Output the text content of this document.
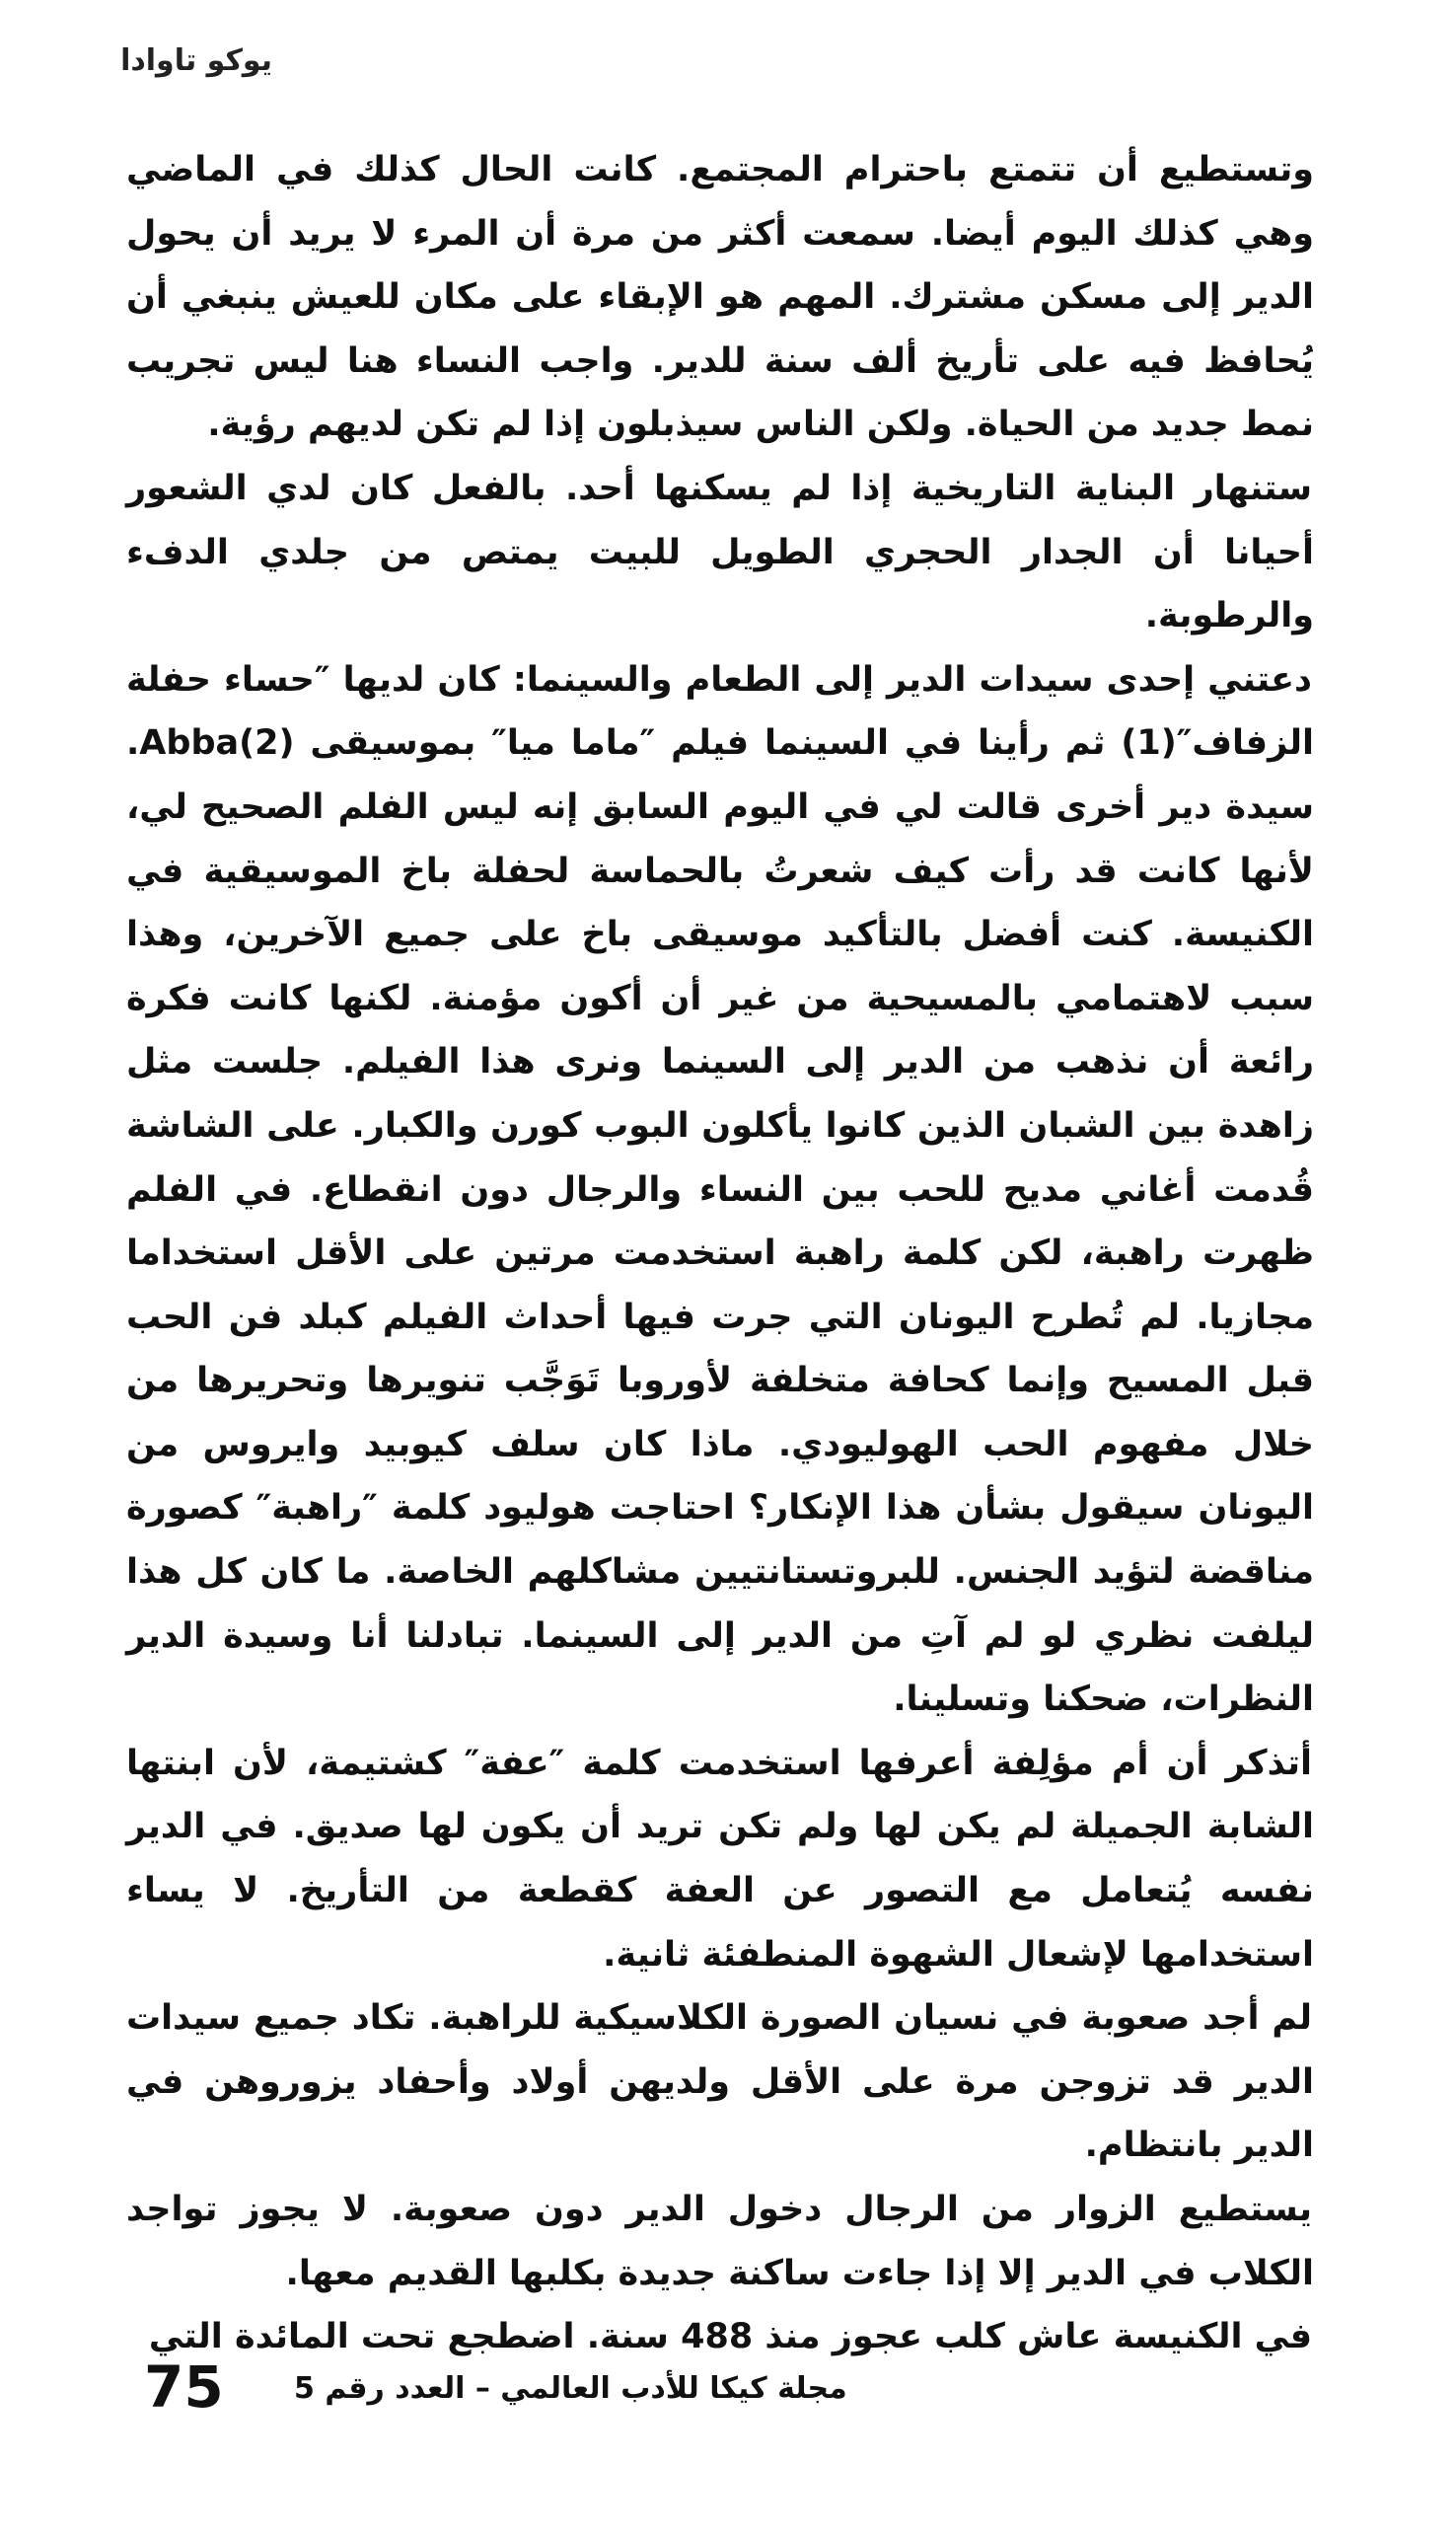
يوكو تاوادا

وتستطيع أن تتمتع باحترام المجتمع. كانت الحال كذلك في الماضي وهي كذلك اليوم أيضا. سمعت أكثر من مرة أن المرء لا يريد أن يحول الدير إلى مسكن مشترك. المهم هو الإبقاء على مكان للعيش ينبغي أن يُحافظ فيه على تأريخ ألف سنة للدير. واجب النساء هنا ليس تجريب نمط جديد من الحياة. ولكن الناس سيذبلون إذا لم تكن لديهم رؤية.

ستنهار البناية التاريخية إذا لم يسكنها أحد. بالفعل كان لدي الشعور أحيانا أن الجدار الحجري الطويل للبيت يمتص من جلدي الدفء والرطوبة.

دعتني إحدى سيدات الدير إلى الطعام والسينما: كان لديها ″حساء حفلة الزفاف″(1) ثم رأينا في السينما فيلم ″ماما ميا″ بموسيقى Abba(2). سيدة دير أخرى قالت لي في اليوم السابق إنه ليس الفلم الصحيح لي، لأنها كانت قد رأت كيف شعرتُ بالحماسة لحفلة باخ الموسيقية في الكنيسة. كنت أفضل بالتأكيد موسيقى باخ على جميع الآخرين، وهذا سبب لاهتمامي بالمسيحية من غير أن أكون مؤمنة. لكنها كانت فكرة رائعة أن نذهب من الدير إلى السينما ونرى هذا الفيلم. جلست مثل زاهدة بين الشبان الذين كانوا يأكلون البوب كورن والكبار. على الشاشة قُدمت أغاني مديح للحب بين النساء والرجال دون انقطاع. في الفلم ظهرت راهبة، لكن كلمة راهبة استخدمت مرتين على الأقل استخداما مجازيا. لم تُطرح اليونان التي جرت فيها أحداث الفيلم كبلد فن الحب قبل المسيح وإنما كحافة متخلفة لأوروبا تَوَجَّب تنويرها وتحريرها من خلال مفهوم الحب الهوليودي. ماذا كان سلف كيوبيد وايروس من اليونان سيقول بشأن هذا الإنكار؟ احتاجت هوليود كلمة ″راهبة″ كصورة مناقضة لتؤيد الجنس. للبروتستانتيين مشاكلهم الخاصة. ما كان كل هذا ليلفت نظري لو لم آتِ من الدير إلى السينما. تبادلنا أنا وسيدة الدير النظرات، ضحكنا وتسلينا.

أتذكر أن أم مؤلِفة أعرفها استخدمت كلمة ″عفة″ كشتيمة، لأن ابنتها الشابة الجميلة لم يكن لها ولم تكن تريد أن يكون لها صديق. في الدير نفسه يُتعامل مع التصور عن العفة كقطعة من التأريخ. لا يساء استخدامها لإشعال الشهوة المنطفئة ثانية.

لم أجد صعوبة في نسيان الصورة الكلاسيكية للراهبة. تكاد جميع سيدات الدير قد تزوجن مرة على الأقل ولديهن أولاد وأحفاد يزوروهن في الدير بانتظام.

يستطيع الزوار من الرجال دخول الدير دون صعوبة. لا يجوز تواجد الكلاب في الدير إلا إذا جاءت ساكنة جديدة بكلبها القديم معها.

في الكنيسة عاش كلب عجوز منذ 488 سنة. اضطجع تحت المائدة التي

75	مجلة كيكا للأدب العالمي – العدد رقم 5
